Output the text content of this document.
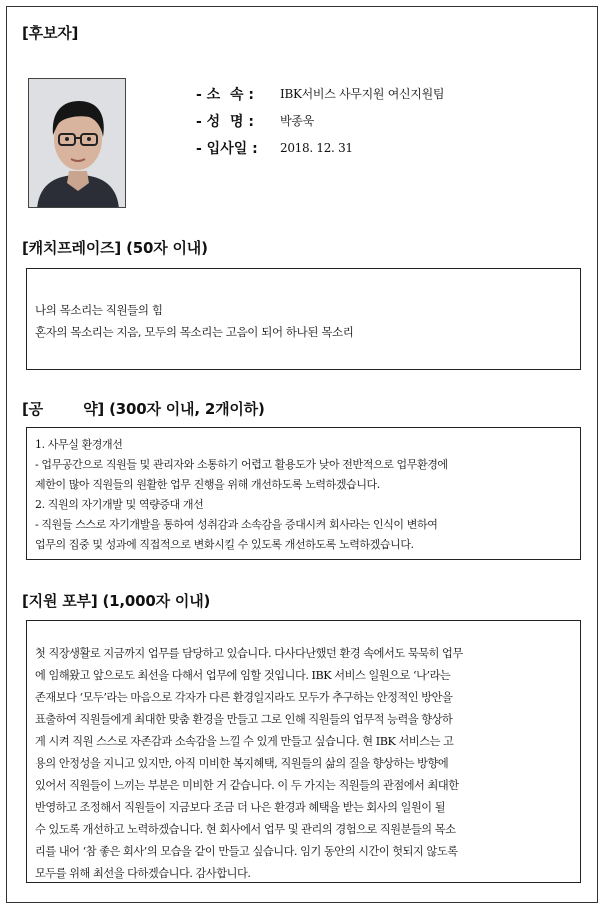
[후보자]
- 소  속 :	IBK서비스 사무지원 여신지원팀
- 성  명 :	박종욱
- 입사일 :	2018. 12. 31
[캐치프레이즈] (50자 이내)

나의 목소리는 직원들의 힘

혼자의 목소리는 지음, 모두의 목소리는 고음이 되어 하나된 목소리

[공        약] (300자 이내, 2개이하)

1. 사무실 환경개선

- 업무공간으로 직원들 및 관리자와 소통하기 어렵고 활용도가 낮아 전반적으로 업무환경에

제한이 많아 직원들의 원활한 업무 진행을 위해 개선하도록 노력하겠습니다.

2. 직원의 자기개발 및 역량증대 개선

- 직원들 스스로 자기개발을 통하여 성취감과 소속감을 증대시켜 회사라는 인식이 변하여

업무의 집중 및 성과에 직접적으로 변화시킬 수 있도록 개선하도록 노력하겠습니다.

[지원 포부] (1,000자 이내)

첫 직장생활로 지금까지 업무를 담당하고 있습니다. 다사다난했던 환경 속에서도 묵묵히 업무

에 임해왔고 앞으로도 최선을 다해서 업무에 임할 것입니다. IBK 서비스 일원으로 ‘나’라는

존재보다 ‘모두’라는 마음으로 각자가 다른 환경일지라도 모두가 추구하는 안정적인 방안을

표출하여 직원들에게 최대한 맞춤 환경을 만들고 그로 인해 직원들의 업무적 능력을 향상하

게 시켜 직원 스스로 자존감과 소속감을 느낄 수 있게 만들고 싶습니다. 현 IBK 서비스는 고

용의 안정성을 지니고 있지만, 아직 미비한 복지혜택, 직원들의 삶의 질을 향상하는 방향에

있어서 직원들이 느끼는 부분은 미비한 거 같습니다. 이 두 가지는 직원들의 관점에서 최대한

반영하고 조정해서 직원들이 지금보다 조금 더 나은 환경과 혜택을 받는 회사의 일원이 될

수 있도록 개선하고 노력하겠습니다. 현 회사에서 업무 및 관리의 경험으로 직원분들의 목소

리를 내어 ‘참 좋은 회사’의 모습을 같이 만들고 싶습니다. 임기 동안의 시간이 헛되지 않도록

모두를 위해 최선을 다하겠습니다. 감사합니다.
